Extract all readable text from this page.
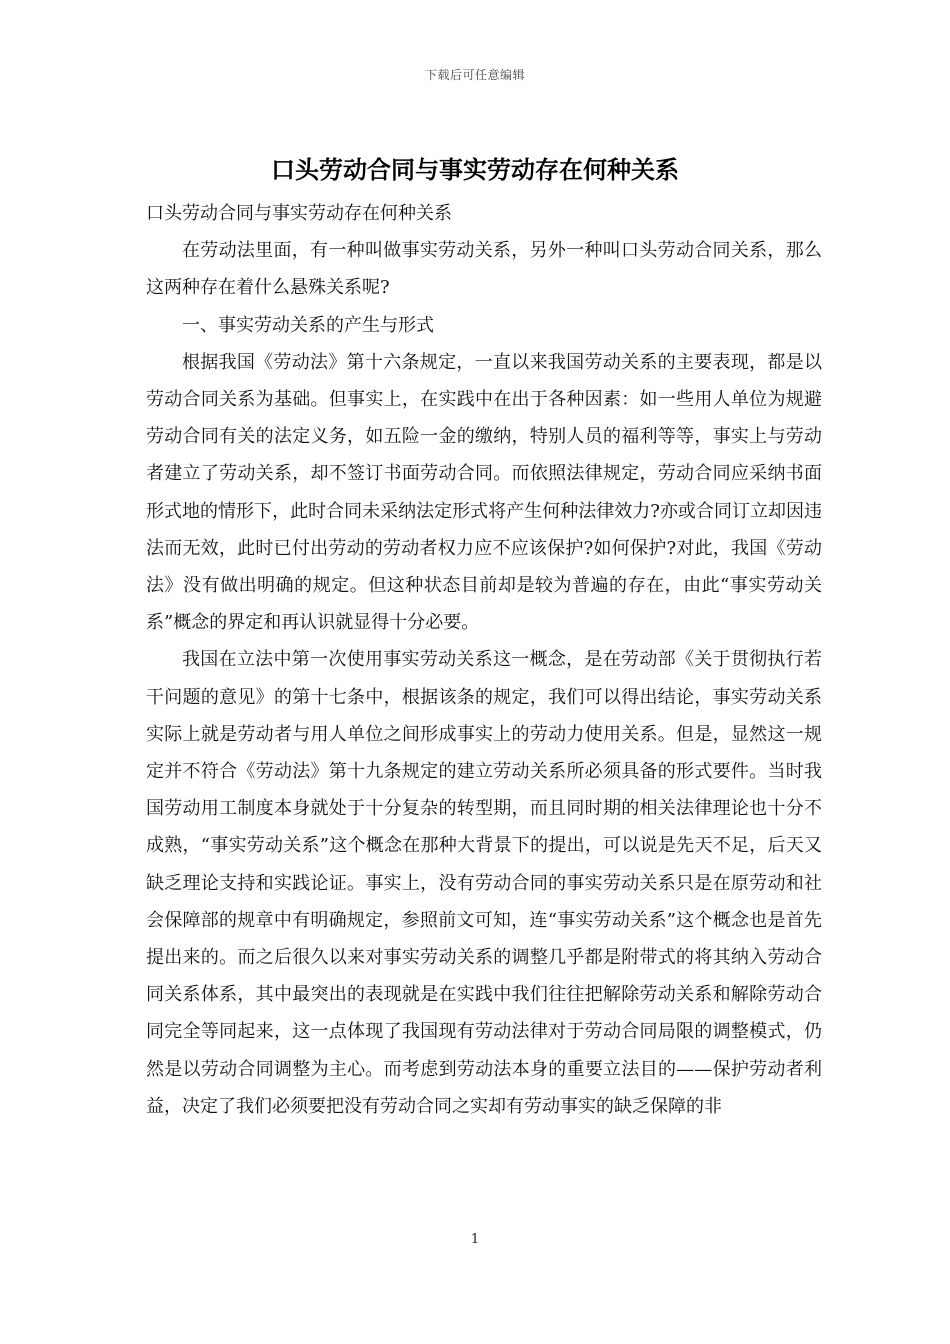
下载后可任意编辑
口头劳动合同与事实劳动存在何种关系

口头劳动合同与事实劳动存在何种关系

在劳动法里面，有一种叫做事实劳动关系，另外一种叫口头劳动合同关系，那么这两种存在着什么悬殊关系呢?

一、事实劳动关系的产生与形式

根据我国《劳动法》第十六条规定，一直以来我国劳动关系的主要表现，都是以劳动合同关系为基础。但事实上，在实践中在出于各种因素：如一些用人单位为规避劳动合同有关的法定义务，如五险一金的缴纳，特别人员的福利等等，事实上与劳动者建立了劳动关系，却不签订书面劳动合同。而依照法律规定，劳动合同应采纳书面形式地的情形下，此时合同未采纳法定形式将产生何种法律效力?亦或合同订立却因违法而无效，此时已付出劳动的劳动者权力应不应该保护?如何保护?对此，我国《劳动法》没有做出明确的规定。但这种状态目前却是较为普遍的存在，由此“事实劳动关系”概念的界定和再认识就显得十分必要。

我国在立法中第一次使用事实劳动关系这一概念，是在劳动部《关于贯彻执行若干问题的意见》的第十七条中，根据该条的规定，我们可以得出结论，事实劳动关系实际上就是劳动者与用人单位之间形成事实上的劳动力使用关系。但是，显然这一规定并不符合《劳动法》第十九条规定的建立劳动关系所必须具备的形式要件。当时我国劳动用工制度本身就处于十分复杂的转型期，而且同时期的相关法律理论也十分不成熟，“事实劳动关系”这个概念在那种大背景下的提出，可以说是先天不足，后天又缺乏理论支持和实践论证。事实上，没有劳动合同的事实劳动关系只是在原劳动和社会保障部的规章中有明确规定，参照前文可知，连“事实劳动关系”这个概念也是首先提出来的。而之后很久以来对事实劳动关系的调整几乎都是附带式的将其纳入劳动合同关系体系，其中最突出的表现就是在实践中我们往往把解除劳动关系和解除劳动合同完全等同起来，这一点体现了我国现有劳动法律对于劳动合同局限的调整模式，仍然是以劳动合同调整为主心。而考虑到劳动法本身的重要立法目的——保护劳动者利益，决定了我们必须要把没有劳动合同之实却有劳动事实的缺乏保障的非

1
